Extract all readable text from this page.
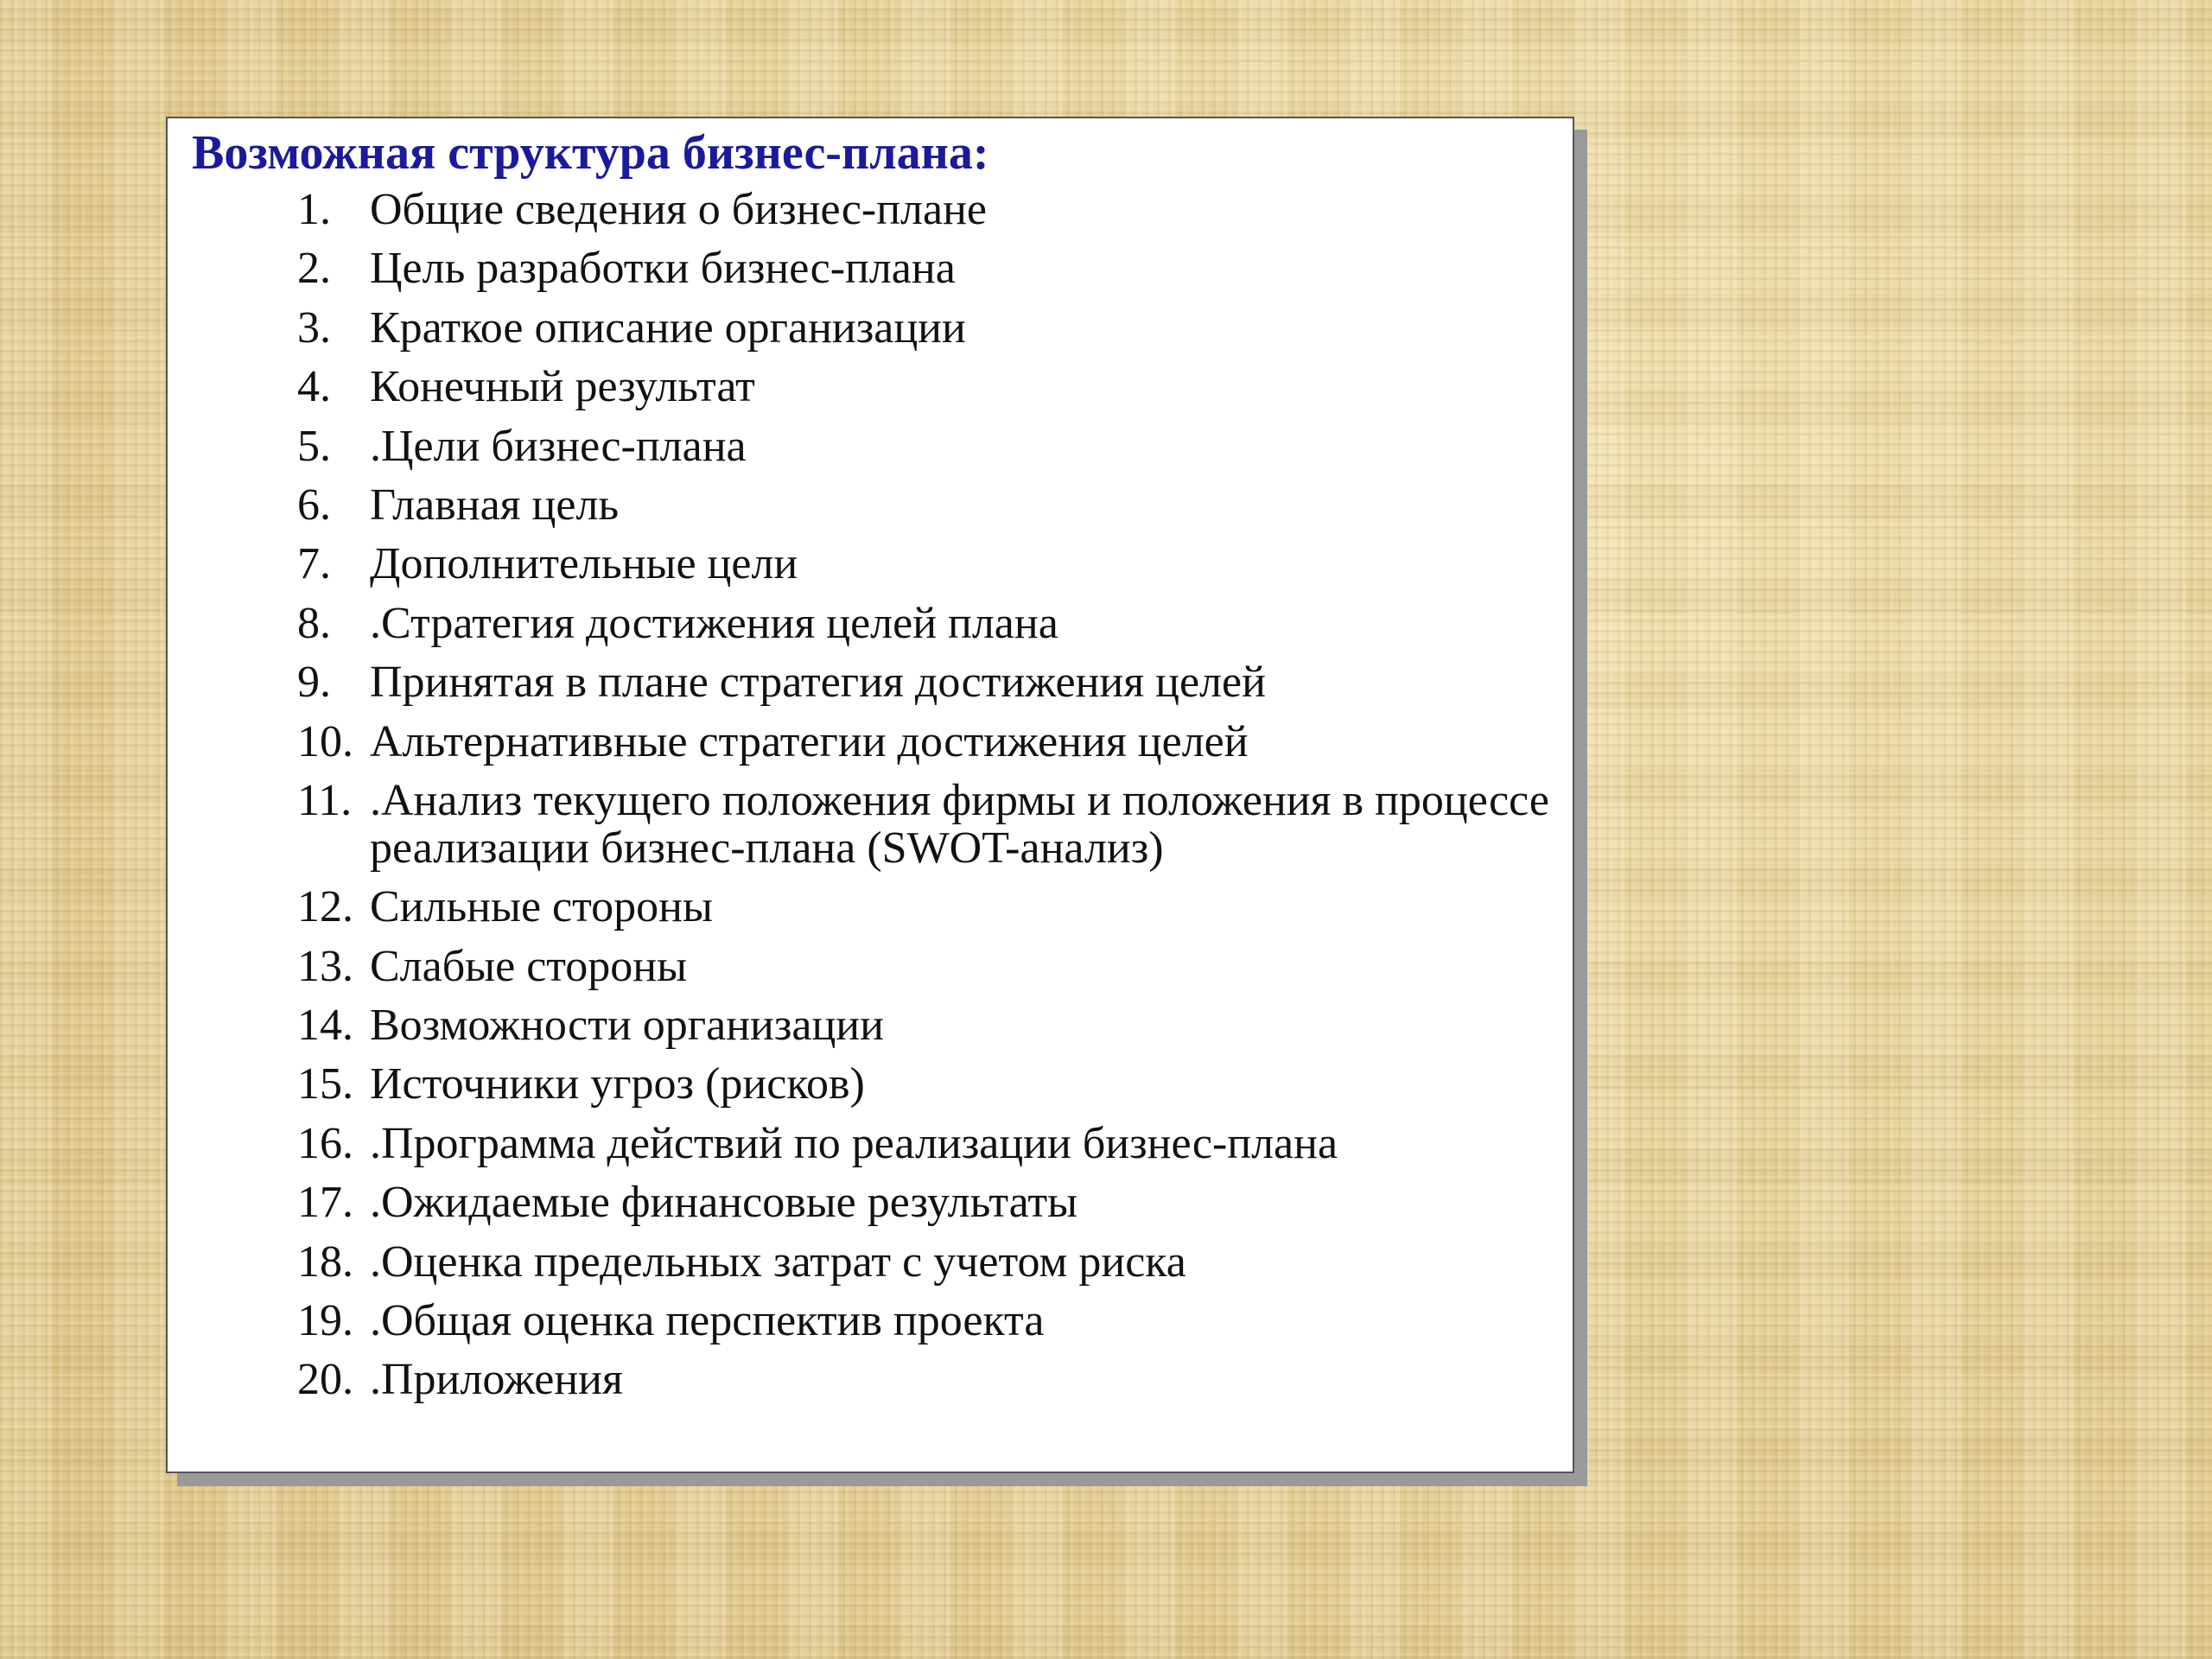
Возможная структура бизнес-плана:
1. Общие сведения о бизнес-плане
2. Цель разработки бизнес-плана
3. Краткое описание организации
4. Конечный результат
5. .Цели бизнес-плана
6. Главная цель
7. Дополнительные цели
8. .Стратегия достижения целей плана
9. Принятая в плане стратегия достижения целей
10. Альтернативные стратегии достижения целей
11. .Анализ текущего положения фирмы и положения в процессе реализации бизнес-плана (SWOT-анализ)
12. Сильные стороны
13. Слабые стороны
14. Возможности организации
15. Источники угроз (рисков)
16. .Программа действий по реализации бизнес-плана
17. .Ожидаемые финансовые результаты
18. .Оценка предельных затрат с учетом риска
19. .Общая оценка перспектив проекта
20. .Приложения
